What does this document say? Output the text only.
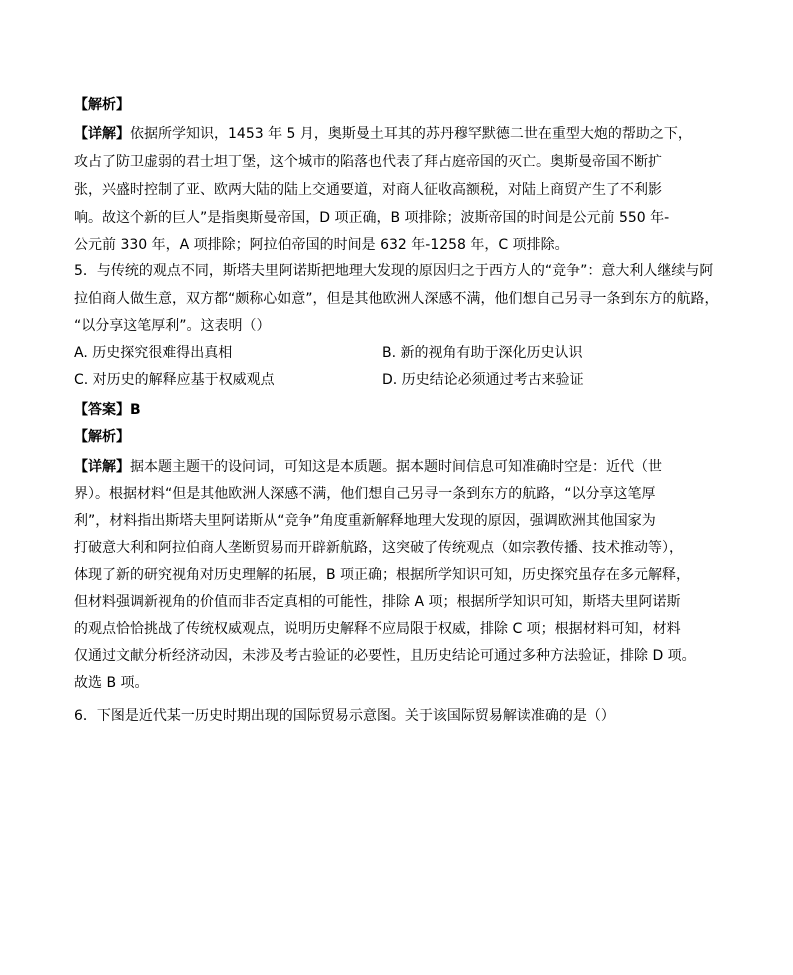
【解析】
【详解】依据所学知识，1453 年 5 月，奥斯曼土耳其的苏丹穆罕默德二世在重型大炮的帮助之下，
攻占了防卫虚弱的君士坦丁堡，这个城市的陷落也代表了拜占庭帝国的灭亡。奥斯曼帝国不断扩
张，兴盛时控制了亚、欧两大陆的陆上交通要道，对商人征收高额税，对陆上商贸产生了不利影
响。故这个新的巨人”是指奥斯曼帝国，D 项正确，B 项排除；波斯帝国的时间是公元前 550 年-
公元前 330 年，A 项排除；阿拉伯帝国的时间是 632 年-1258 年，C 项排除。
5．与传统的观点不同，斯塔夫里阿诺斯把地理大发现的原因归之于西方人的“竞争”：意大利人继续与阿
拉伯商人做生意，双方都“颇称心如意”，但是其他欧洲人深感不满，他们想自己另寻一条到东方的航路，
“以分享这笔厚利”。这表明（）
A. 历史探究很难得出真相	B. 新的视角有助于深化历史认识
C. 对历史的解释应基于权威观点	D. 历史结论必须通过考古来验证
【答案】B
【解析】
【详解】据本题主题干的设问词，可知这是本质题。据本题时间信息可知准确时空是：近代（世
界）。根据材料“但是其他欧洲人深感不满，他们想自己另寻一条到东方的航路，“以分享这笔厚
利”，材料指出斯塔夫里阿诺斯从“竞争”角度重新解释地理大发现的原因，强调欧洲其他国家为
打破意大利和阿拉伯商人垄断贸易而开辟新航路，这突破了传统观点（如宗教传播、技术推动等），
体现了新的研究视角对历史理解的拓展，B 项正确；根据所学知识可知，历史探究虽存在多元解释，
但材料强调新视角的价值而非否定真相的可能性，排除 A 项；根据所学知识可知，斯塔夫里阿诺斯
的观点恰恰挑战了传统权威观点，说明历史解释不应局限于权威，排除 C 项；根据材料可知，材料
仅通过文献分析经济动因，未涉及考古验证的必要性，且历史结论可通过多种方法验证，排除 D 项。
故选 B 项。
6．下图是近代某一历史时期出现的国际贸易示意图。关于该国际贸易解读准确的是（）
